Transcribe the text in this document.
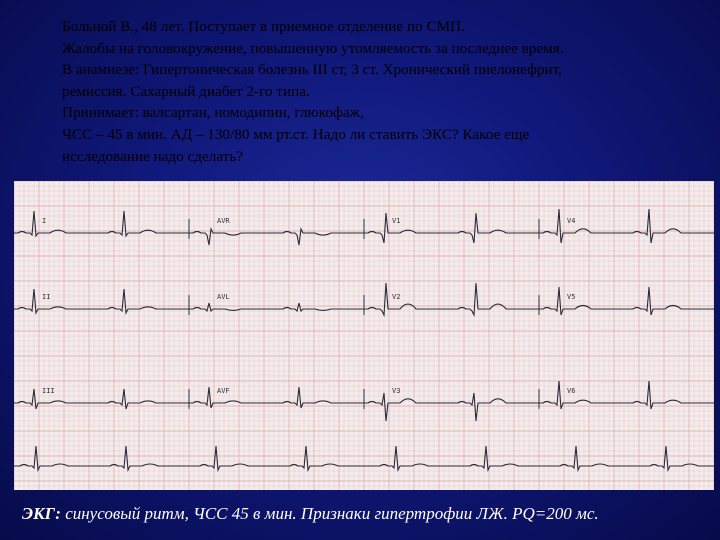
Больной В., 48 лет. Поступает в приемное отделение по СМП.
Жалобы на головокружение, повышенную утомляемость за последнее время.
В анамнезе: Гипертоническая болезнь III ст, 3 ст. Хронический пиелонефрит,
ремиссия. Сахарный диабет 2-го типа.
Принимает: валсартан, номодипин, глюкофаж,
ЧСС – 45 в мин. АД – 130/80 мм рт.ст. Надо ли ставить ЭКС? Какое еще
исследование надо сделать?
I	AVR	V1	V4
II	AVL	V2	V5
III	AVF	V3	V6
ЭКГ: синусовый ритм, ЧСС 45 в мин. Признаки гипертрофии ЛЖ. PQ=200 мс.
